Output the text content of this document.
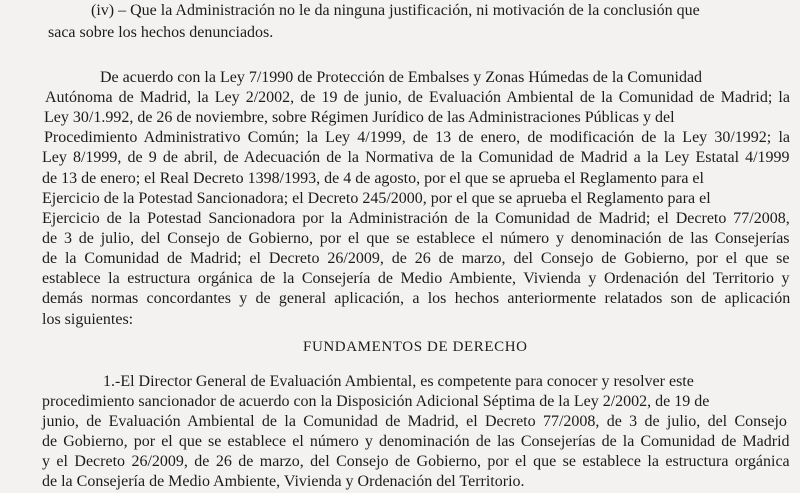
(iv) – Que la Administración no le da ninguna justificación, ni motivación de la conclusión que
saca sobre los hechos denunciados.
De acuerdo con la Ley 7/1990 de Protección de Embalses y Zonas Húmedas de la Comunidad
Autónoma de Madrid, la Ley 2/2002, de 19 de junio, de Evaluación Ambiental de la Comunidad de Madrid; la
Ley 30/1.992, de 26 de noviembre, sobre Régimen Jurídico de las Administraciones Públicas y del
Procedimiento Administrativo Común; la Ley 4/1999, de 13 de enero, de modificación de la Ley 30/1992; la
Ley 8/1999, de 9 de abril, de Adecuación de la Normativa de la Comunidad de Madrid a la Ley Estatal 4/1999
de 13 de enero; el Real Decreto 1398/1993, de 4 de agosto, por el que se aprueba el Reglamento para el
Ejercicio de la Potestad Sancionadora; el Decreto 245/2000, por el que se aprueba el Reglamento para el
Ejercicio de la Potestad Sancionadora por la Administración de la Comunidad de Madrid; el Decreto 77/2008,
de 3 de julio, del Consejo de Gobierno, por el que se establece el número y denominación de las Consejerías
de la Comunidad de Madrid; el Decreto 26/2009, de 26 de marzo, del Consejo de Gobierno, por el que se
establece la estructura orgánica de la Consejería de Medio Ambiente, Vivienda y Ordenación del Territorio y
demás normas concordantes y de general aplicación, a los hechos anteriormente relatados son de aplicación
los siguientes:
FUNDAMENTOS DE DERECHO
1.-El Director General de Evaluación Ambiental, es competente para conocer y resolver este
procedimiento sancionador de acuerdo con la Disposición Adicional Séptima de la Ley 2/2002, de 19 de
junio, de Evaluación Ambiental de la Comunidad de Madrid, el Decreto 77/2008, de 3 de julio, del Consejo
de Gobierno, por el que se establece el número y denominación de las Consejerías de la Comunidad de Madrid
y el Decreto 26/2009, de 26 de marzo, del Consejo de Gobierno, por el que se establece la estructura orgánica
de la Consejería de Medio Ambiente, Vivienda y Ordenación del Territorio.
